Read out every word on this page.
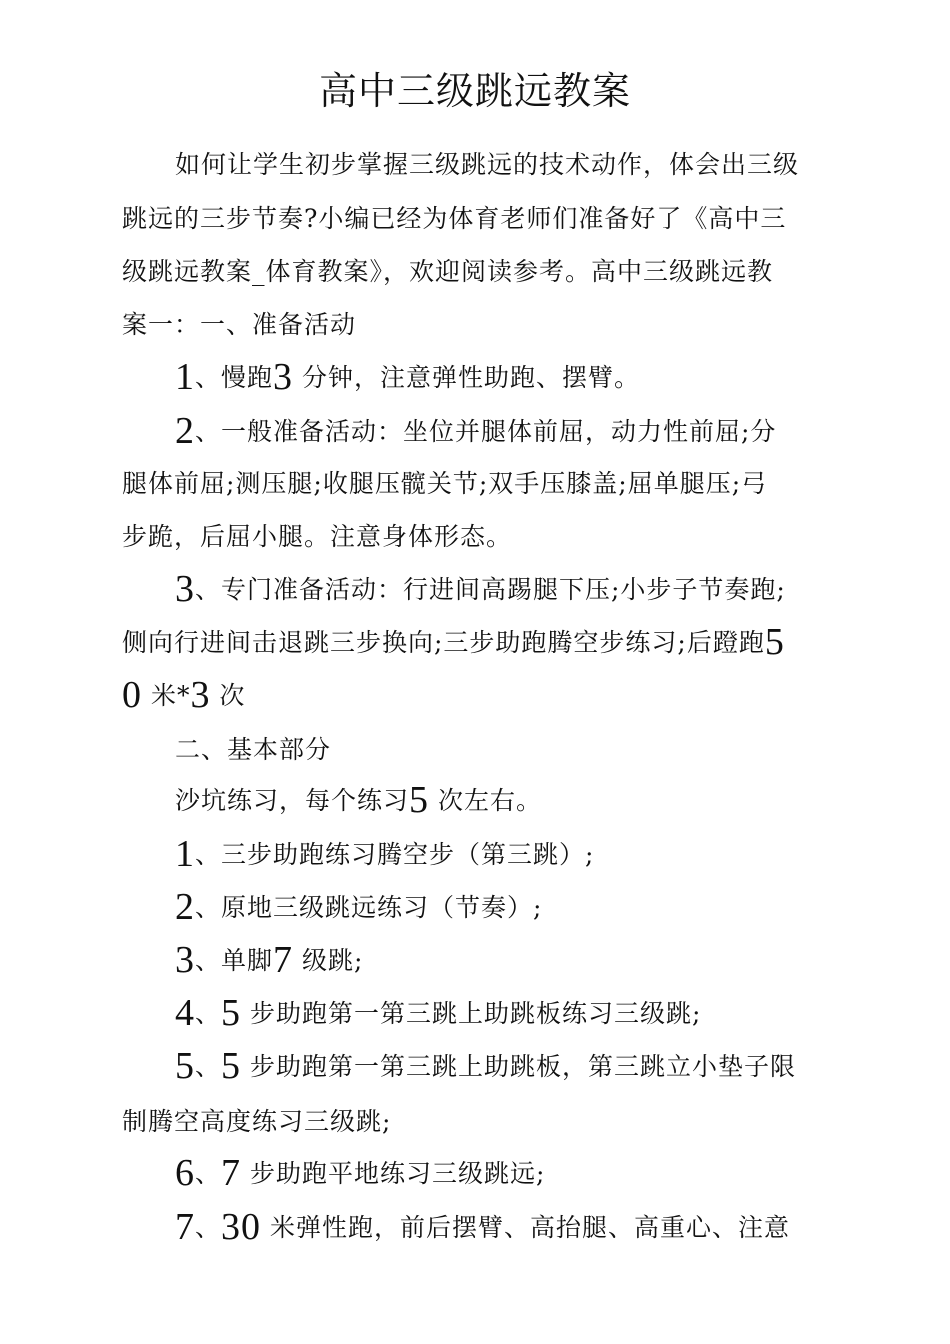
高中三级跳远教案
如何让学生初步掌握三级跳远的技术动作，体会出三级
跳远的三步节奏?小编已经为体育老师们准备好了《高中三
级跳远教案_体育教案》，欢迎阅读参考。高中三级跳远教
案一：一、准备活动
1、慢跑3 分钟，注意弹性助跑、摆臂。
2、一般准备活动：坐位并腿体前屈，动力性前屈;分
腿体前屈;测压腿;收腿压髋关节;双手压膝盖;屈单腿压;弓
步跪，后屈小腿。注意身体形态。
3、专门准备活动：行进间高踢腿下压;小步子节奏跑;
侧向行进间击退跳三步换向;三步助跑腾空步练习;后蹬跑5
0 米*3 次
二、基本部分
沙坑练习，每个练习5 次左右。
1、三步助跑练习腾空步（第三跳）;
2、原地三级跳远练习（节奏）;
3、单脚7 级跳;
4、5 步助跑第一第三跳上助跳板练习三级跳;
5、5 步助跑第一第三跳上助跳板，第三跳立小垫子限
制腾空高度练习三级跳;
6、7 步助跑平地练习三级跳远;
7、30 米弹性跑，前后摆臂、高抬腿、高重心、注意
